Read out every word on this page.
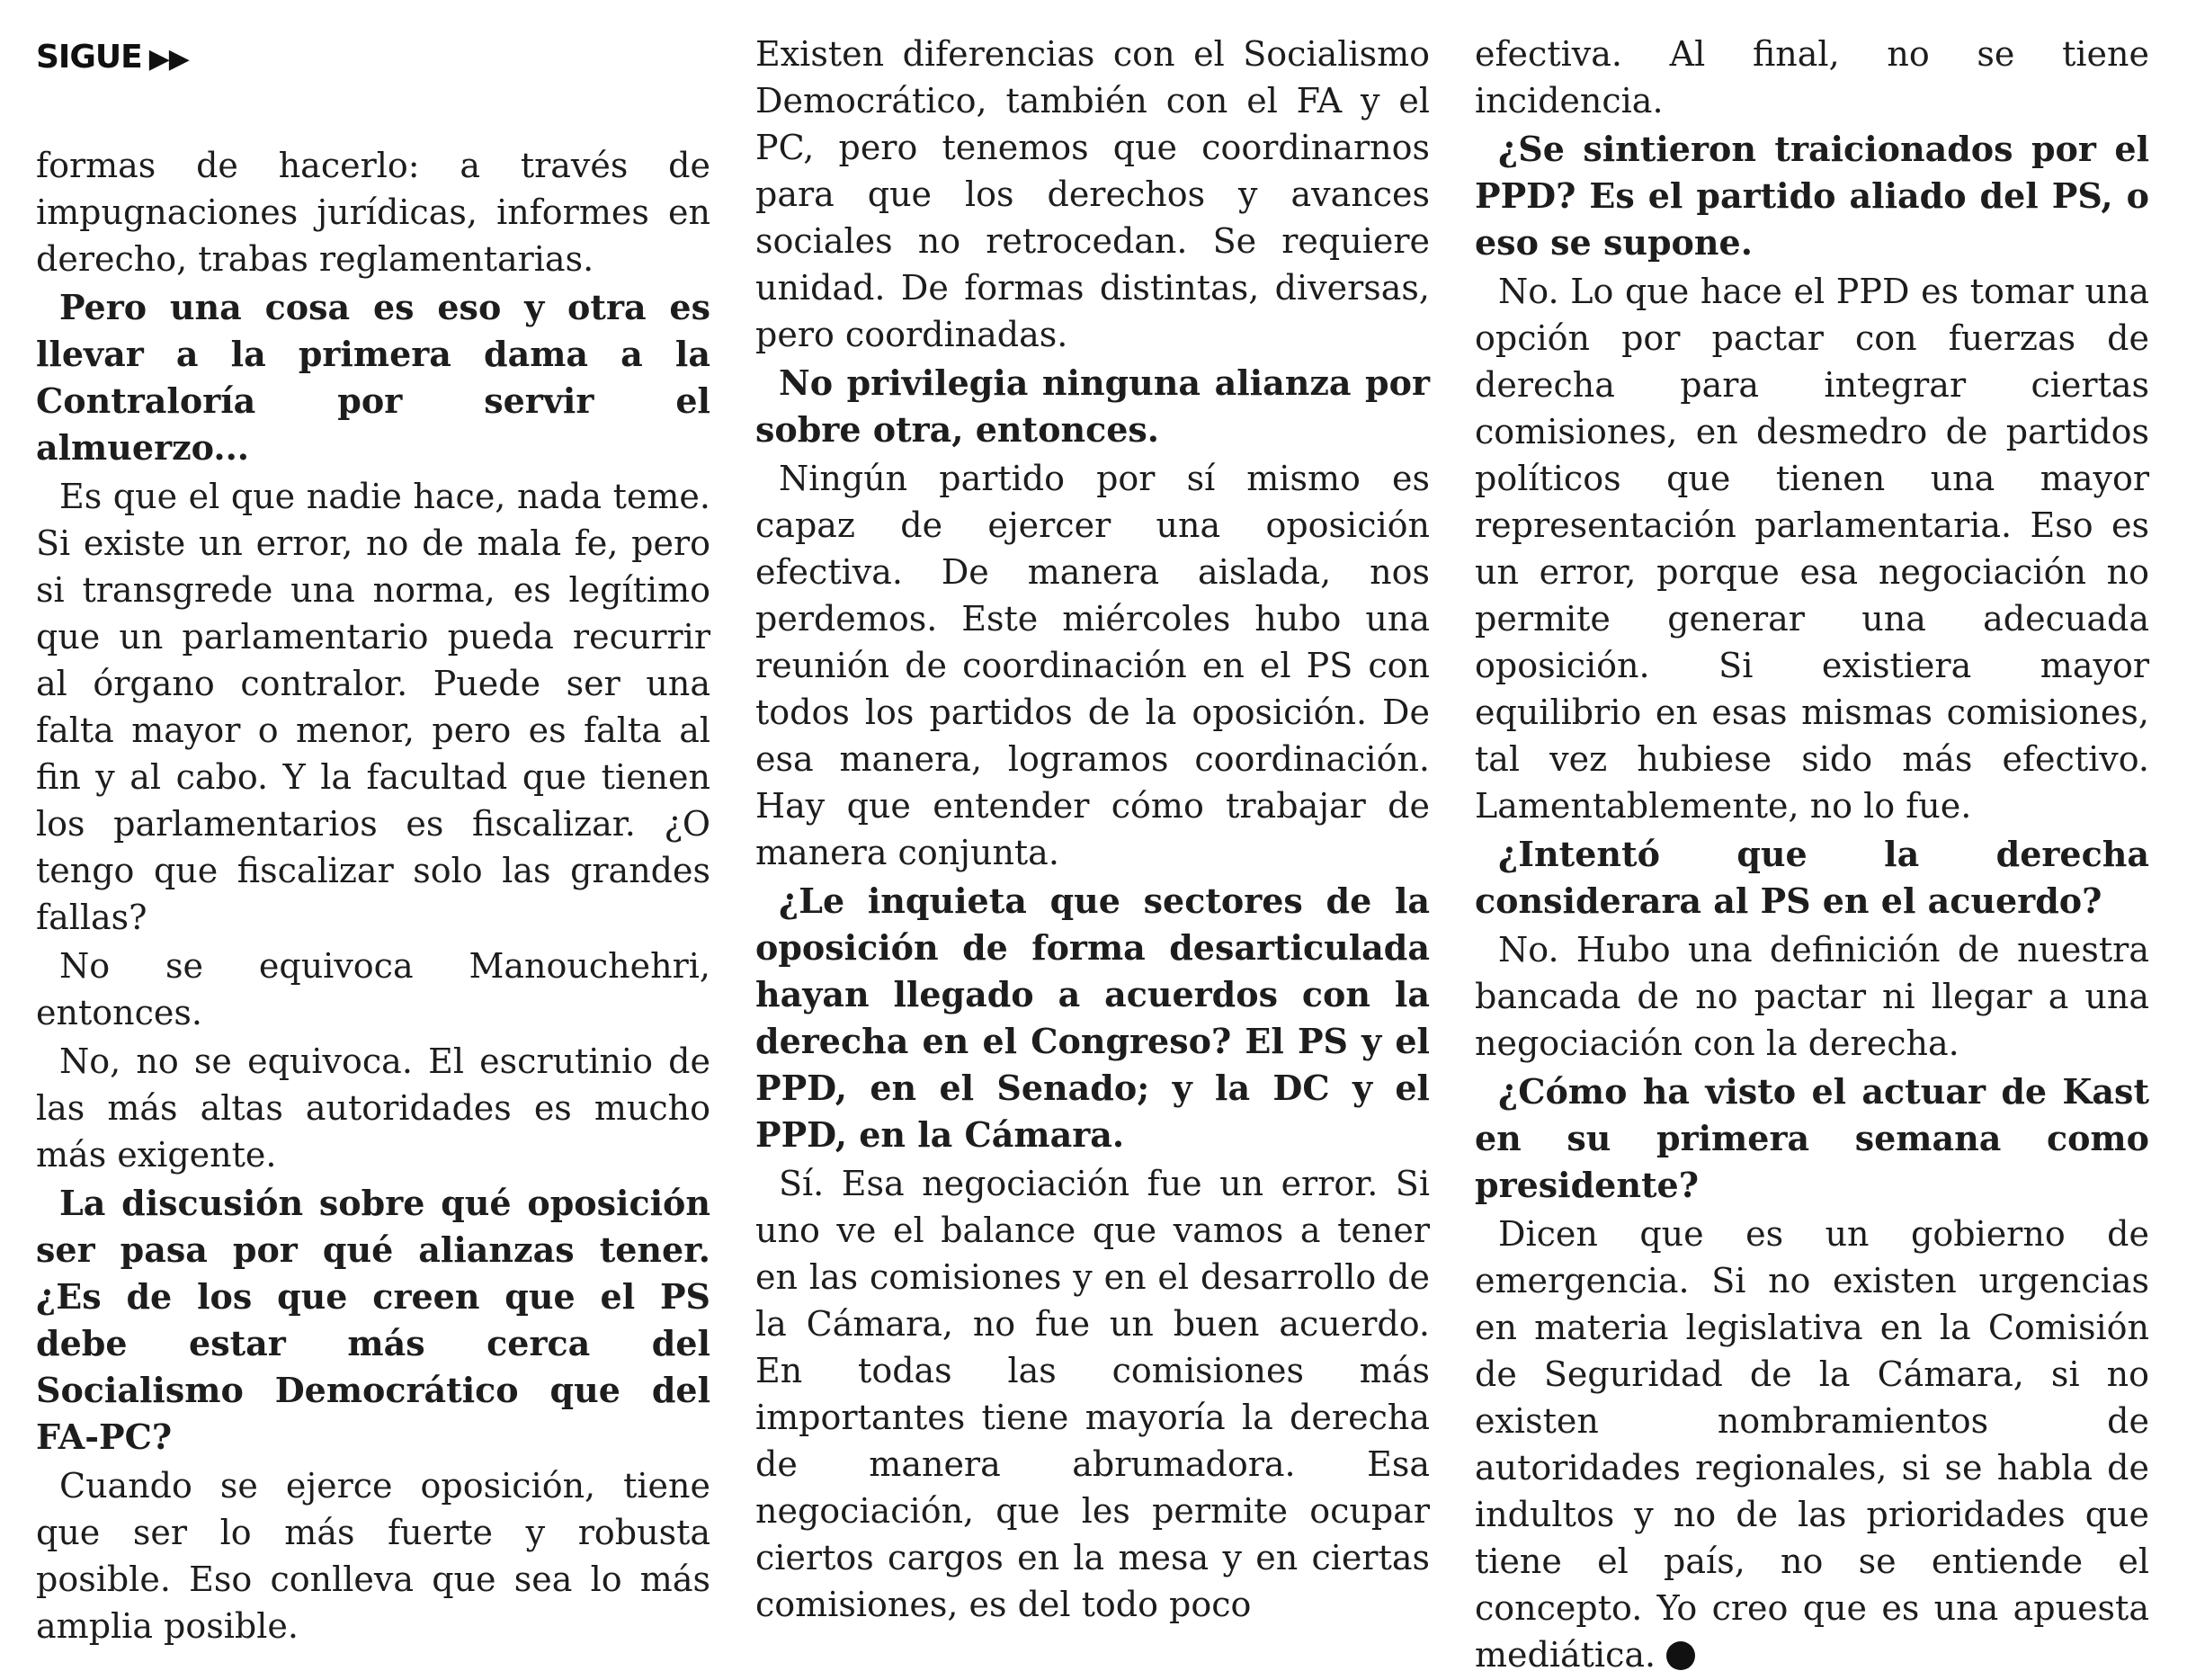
SIGUE ▶▶

formas de hacerlo: a través de impugnaciones jurídicas, informes en derecho, trabas reglamentarias.

Pero una cosa es eso y otra es llevar a la primera dama a la Contraloría por servir el almuerzo...

Es que el que nadie hace, nada teme. Si existe un error, no de mala fe, pero si transgrede una norma, es legítimo que un parlamentario pueda recurrir al órgano contralor. Puede ser una falta mayor o menor, pero es falta al fin y al cabo. Y la facultad que tienen los parlamentarios es fiscalizar. ¿O tengo que fiscalizar solo las grandes fallas?

No se equivoca Manouchehri, entonces.

No, no se equivoca. El escrutinio de las más altas autoridades es mucho más exigente.

La discusión sobre qué oposición ser pasa por qué alianzas tener. ¿Es de los que creen que el PS debe estar más cerca del Socialismo Democrático que del FA-PC?

Cuando se ejerce oposición, tiene que ser lo más fuerte y robusta posible. Eso conlleva que sea lo más amplia posible.

Existen diferencias con el Socialismo Democrático, también con el FA y el PC, pero tenemos que coordinarnos para que los derechos y avances sociales no retrocedan. Se requiere unidad. De formas distintas, diversas, pero coordinadas.

No privilegia ninguna alianza por sobre otra, entonces.

Ningún partido por sí mismo es capaz de ejercer una oposición efectiva. De manera aislada, nos perdemos. Este miércoles hubo una reunión de coordinación en el PS con todos los partidos de la oposición. De esa manera, logramos coordinación. Hay que entender cómo trabajar de manera conjunta.

¿Le inquieta que sectores de la oposición de forma desarticulada hayan llegado a acuerdos con la derecha en el Congreso? El PS y el PPD, en el Senado; y la DC y el PPD, en la Cámara.

Sí. Esa negociación fue un error. Si uno ve el balance que vamos a tener en las comisiones y en el desarrollo de la Cámara, no fue un buen acuerdo. En todas las comisiones más importantes tiene mayoría la derecha de manera abrumadora. Esa negociación, que les permite ocupar ciertos cargos en la mesa y en ciertas comisiones, es del todo poco

efectiva. Al final, no se tiene incidencia.

¿Se sintieron traicionados por el PPD? Es el partido aliado del PS, o eso se supone.

No. Lo que hace el PPD es tomar una opción por pactar con fuerzas de derecha para integrar ciertas comisiones, en desmedro de partidos políticos que tienen una mayor representación parlamentaria. Eso es un error, porque esa negociación no permite generar una adecuada oposición. Si existiera mayor equilibrio en esas mismas comisiones, tal vez hubiese sido más efectivo. Lamentablemente, no lo fue.

¿Intentó que la derecha considerara al PS en el acuerdo?

No. Hubo una definición de nuestra bancada de no pactar ni llegar a una negociación con la derecha.

¿Cómo ha visto el actuar de Kast en su primera semana como presidente?

Dicen que es un gobierno de emergencia. Si no existen urgencias en materia legislativa en la Comisión de Seguridad de la Cámara, si no existen nombramientos de autoridades regionales, si se habla de indultos y no de las prioridades que tiene el país, no se entiende el concepto. Yo creo que es una apuesta mediática.
